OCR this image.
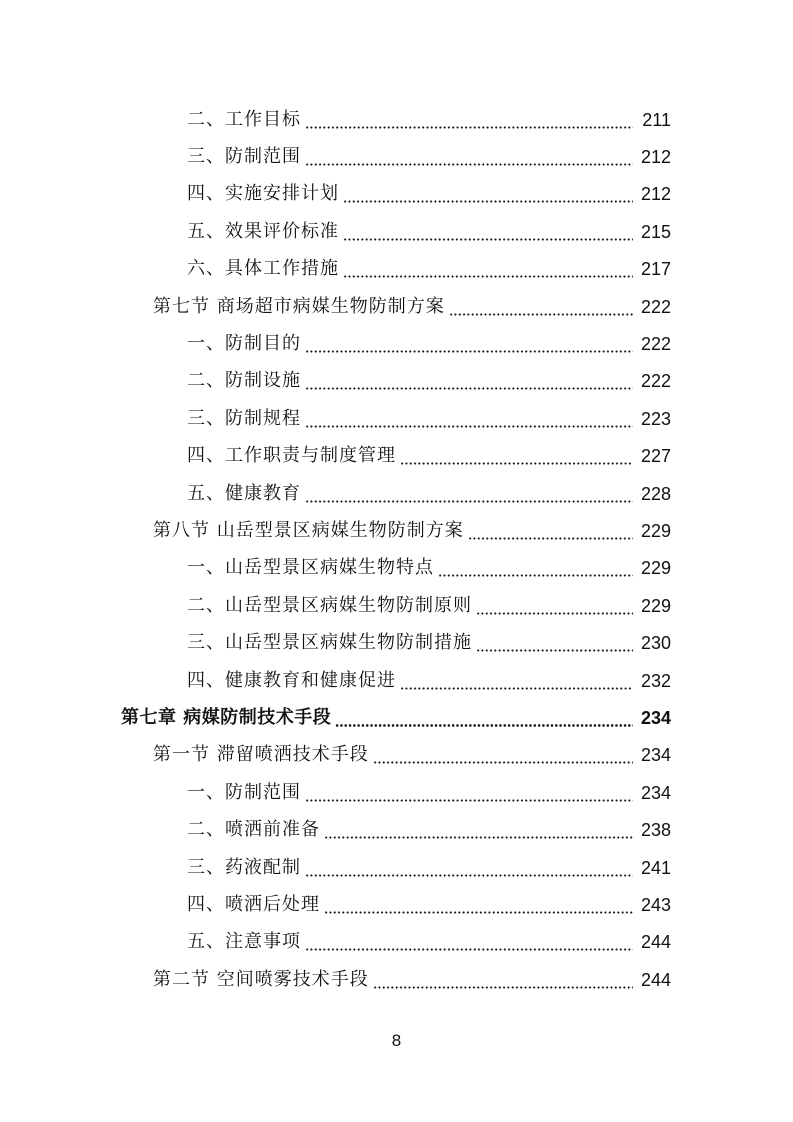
二、工作目标	211
三、防制范围	212
四、实施安排计划	212
五、效果评价标准	215
六、具体工作措施	217
第七节 商场超市病媒生物防制方案	222
一、防制目的	222
二、防制设施	222
三、防制规程	223
四、工作职责与制度管理	227
五、健康教育	228
第八节 山岳型景区病媒生物防制方案	229
一、山岳型景区病媒生物特点	229
二、山岳型景区病媒生物防制原则	229
三、山岳型景区病媒生物防制措施	230
四、健康教育和健康促进	232
第七章 病媒防制技术手段	234
第一节 滞留喷洒技术手段	234
一、防制范围	234
二、喷洒前准备	238
三、药液配制	241
四、喷洒后处理	243
五、注意事项	244
第二节 空间喷雾技术手段	244
8
